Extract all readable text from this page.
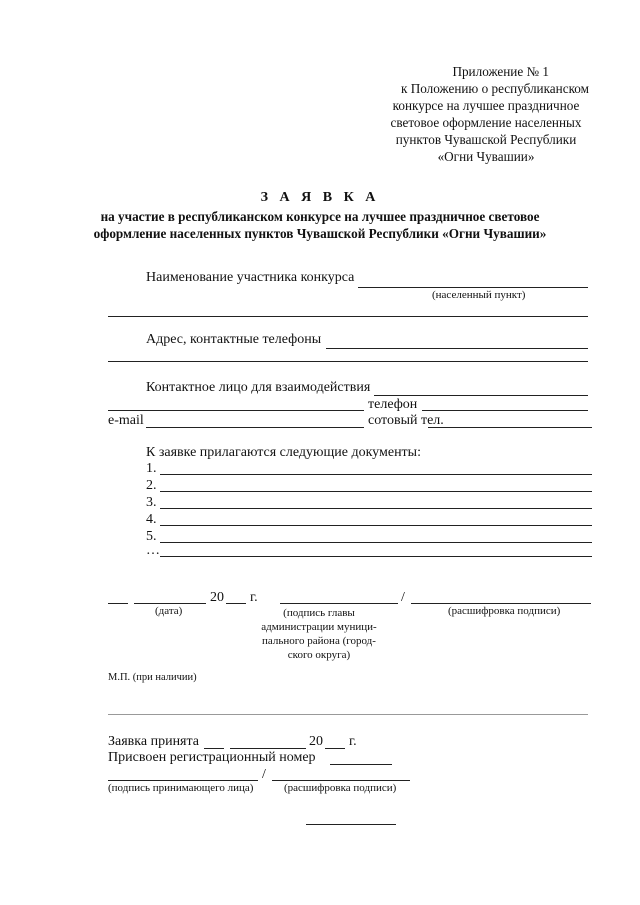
Приложение № 1
к Положению о республиканском
конкурсе на лучшее праздничное
световое оформление населенных
пунктов Чувашской Республики
«Огни Чувашии»
З А Я В К А
на участие в республиканском конкурсе на лучшее праздничное световое
оформление населенных пунктов Чувашской Республики «Огни Чувашии»
Наименование участника конкурса
(населенный пункт)
Адрес, контактные телефоны
Контактное лицо для взаимодействия
телефон
e-mail	сотовый тел.
К заявке прилагаются следующие документы:
1.
2.
3.
4.
5.
…
20 г.
(дата)
/
(подпись главы
администрации муници-
пального района (город-
ского округа)
(расшифровка подписи)
М.П. (при наличии)
Заявка принята	20 г.
Присвоен регистрационный номер
/
(подпись принимающего лица)	(расшифровка подписи)
